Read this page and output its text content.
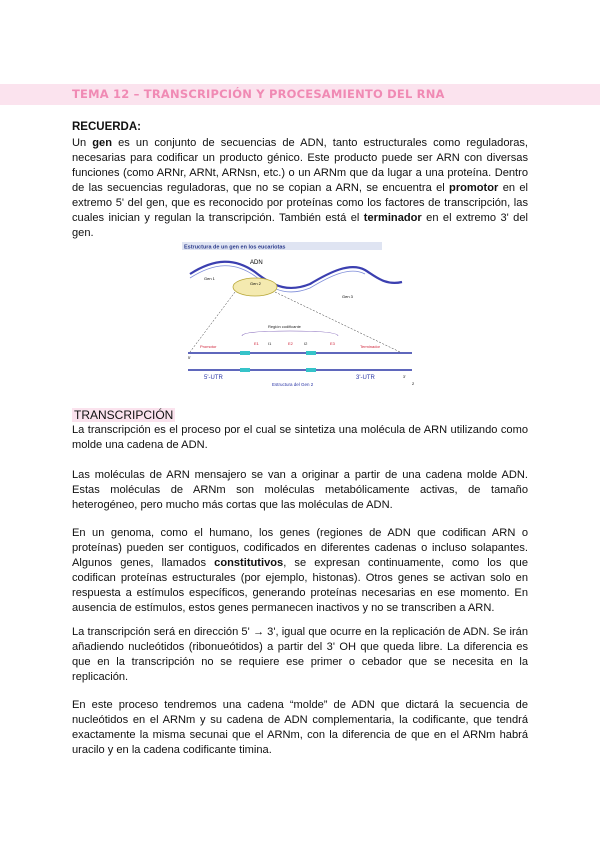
TEMA 12 – TRANSCRIPCIÓN Y PROCESAMIENTO DEL RNA
RECUERDA:

Un gen es un conjunto de secuencias de ADN, tanto estructurales como reguladoras, necesarias para codificar un producto génico. Este producto puede ser ARN con diversas funciones (como ARNr, ARNt, ARNsn, etc.) o un ARNm que da lugar a una proteína. Dentro de las secuencias reguladoras, que no se copian a ARN, se encuentra el promotor en el extremo 5' del gen, que es reconocido por proteínas como los factores de transcripción, las cuales inician y regulan la transcripción. También está el terminador en el extremo 3' del gen.

Estructura de un gen en los eucariotas
ADN
Gen 1
Gen 2
Gen 3
Región codificante
Promotor	Terminador
E1 I1	E2	I2	E3
5'
5'-UTR	3'-UTR
Estructura del Gen 2
3'
2
TRANSCRIPCIÓN

La transcripción es el proceso por el cual se sintetiza una molécula de ARN utilizando como molde una cadena de ADN.

Las moléculas de ARN mensajero se van a originar a partir de una cadena molde ADN. Estas moléculas de ARNm son moléculas metabólicamente activas, de tamaño heterogéneo, pero mucho más cortas que las moléculas de ADN.

En un genoma, como el humano, los genes (regiones de ADN que codifican ARN o proteínas) pueden ser contiguos, codificados en diferentes cadenas o incluso solapantes. Algunos genes, llamados constitutivos, se expresan continuamente, como los que codifican proteínas estructurales (por ejemplo, histonas). Otros genes se activan solo en respuesta a estímulos específicos, generando proteínas necesarias en ese momento. En ausencia de estímulos, estos genes permanecen inactivos y no se transcriben a ARN.

La transcripción será en dirección 5' → 3', igual que ocurre en la replicación de ADN. Se irán añadiendo nucleótidos (ribonueótidos) a partir del 3' OH que queda libre. La diferencia es que en la transcripción no se requiere ese primer o cebador que se necesita en la replicación.

En este proceso tendremos una cadena “molde” de ADN que dictará la secuencia de nucleótidos en el ARNm y su cadena de ADN complementaria, la codificante, que tendrá exactamente la misma secunai que el ARNm, con la diferencia de que en el ARNm habrá uracilo y en la cadena codificante timina.
